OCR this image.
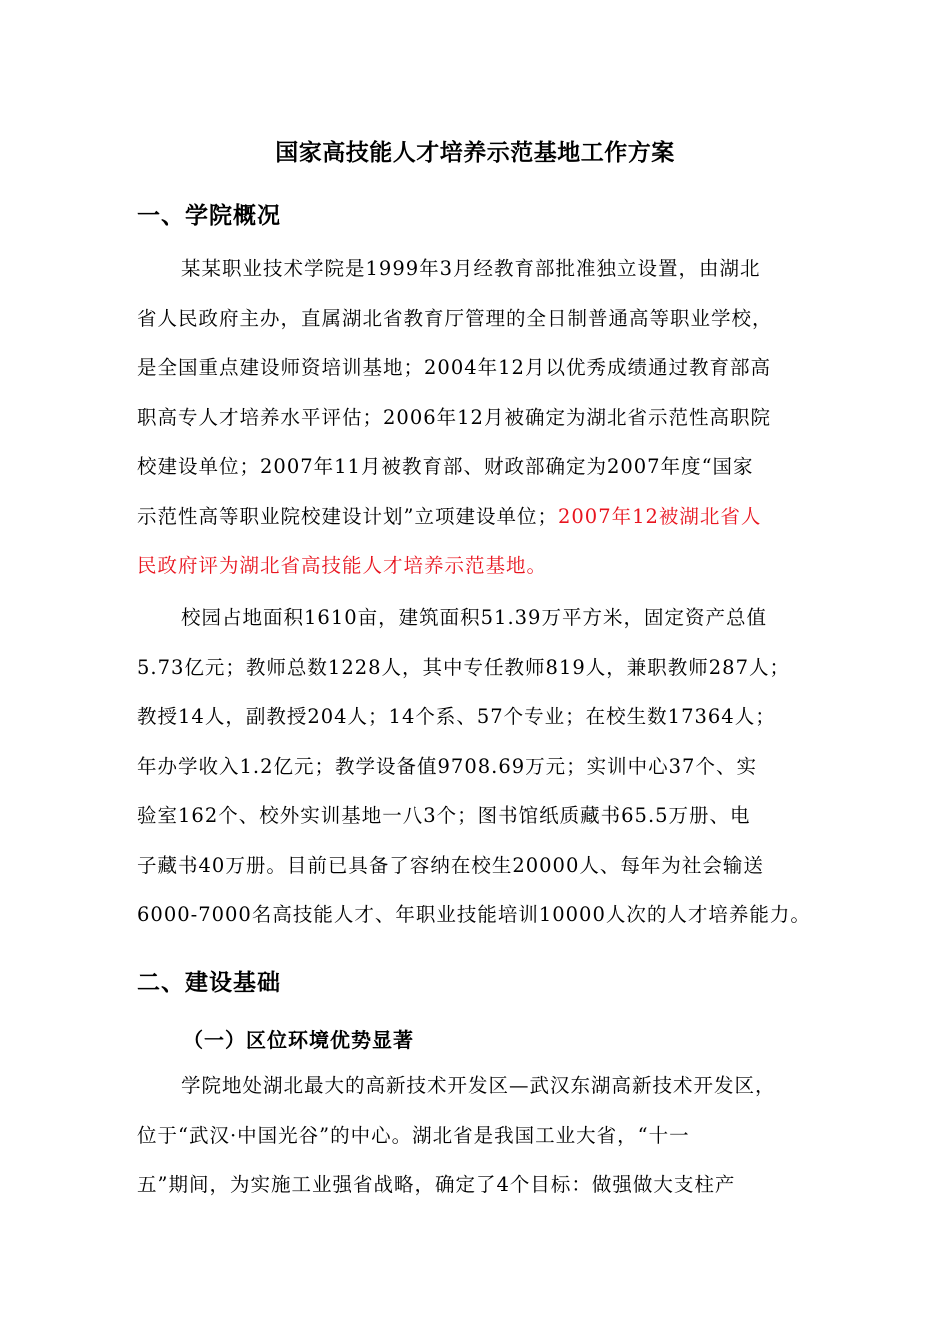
国家高技能人才培养示范基地工作方案
一、学院概况
某某职业技术学院是1999年3月经教育部批准独立设置，由湖北
省人民政府主办，直属湖北省教育厅管理的全日制普通高等职业学校，
是全国重点建设师资培训基地；2004年12月以优秀成绩通过教育部高
职高专人才培养水平评估；2006年12月被确定为湖北省示范性高职院
校建设单位；2007年11月被教育部、财政部确定为2007年度“国家
示范性高等职业院校建设计划”立项建设单位；2007年12被湖北省人
民政府评为湖北省高技能人才培养示范基地。
校园占地面积1610亩，建筑面积51.39万平方米，固定资产总值
5.73亿元；教师总数1228人，其中专任教师819人，兼职教师287人；
教授14人，副教授204人；14个系、57个专业；在校生数17364人；
年办学收入1.2亿元；教学设备值9708.69万元；实训中心37个、实
验室162个、校外实训基地一八3个；图书馆纸质藏书65.5万册、电
子藏书40万册。目前已具备了容纳在校生20000人、每年为社会输送
6000-7000名高技能人才、年职业技能培训10000人次的人才培养能力。
二、建设基础
（一）区位环境优势显著
学院地处湖北最大的高新技术开发区—武汉东湖高新技术开发区，
位于“武汉·中国光谷”的中心。湖北省是我国工业大省，“十一
五”期间，为实施工业强省战略，确定了4个目标：做强做大支柱产
